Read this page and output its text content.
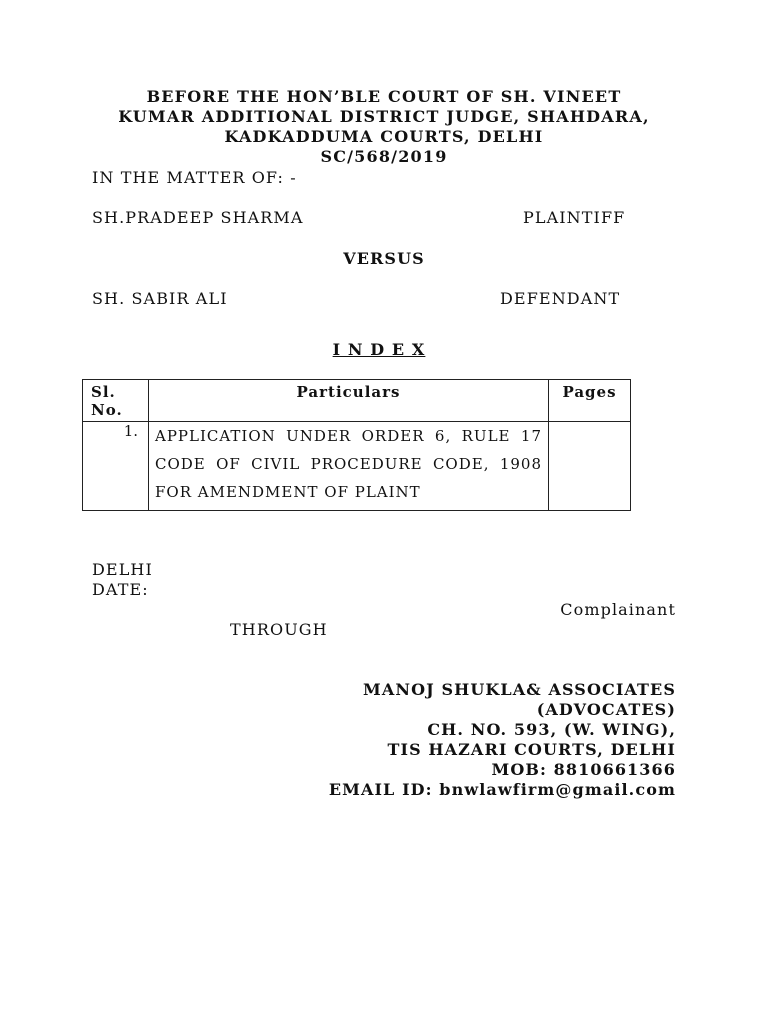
BEFORE THE HON’BLE COURT OF SH. VINEET
KUMAR ADDITIONAL DISTRICT JUDGE, SHAHDARA,
KADKADDUMA COURTS, DELHI
SC/568/2019
IN THE MATTER OF: -
SH.PRADEEP SHARMA	PLAINTIFF
VERSUS
SH. SABIR ALI	DEFENDANT
I N D E X
Sl. No.	Particulars	Pages
1.	APPLICATION UNDER ORDER 6, RULE 17 CODE OF CIVIL PROCEDURE CODE, 1908 FOR AMENDMENT OF PLAINT	
DELHI
DATE:
Complainant
THROUGH
MANOJ SHUKLA& ASSOCIATES
(ADVOCATES)
CH. NO. 593, (W. WING),
TIS HAZARI COURTS, DELHI
MOB: 8810661366
EMAIL ID: bnwlawfirm@gmail.com
